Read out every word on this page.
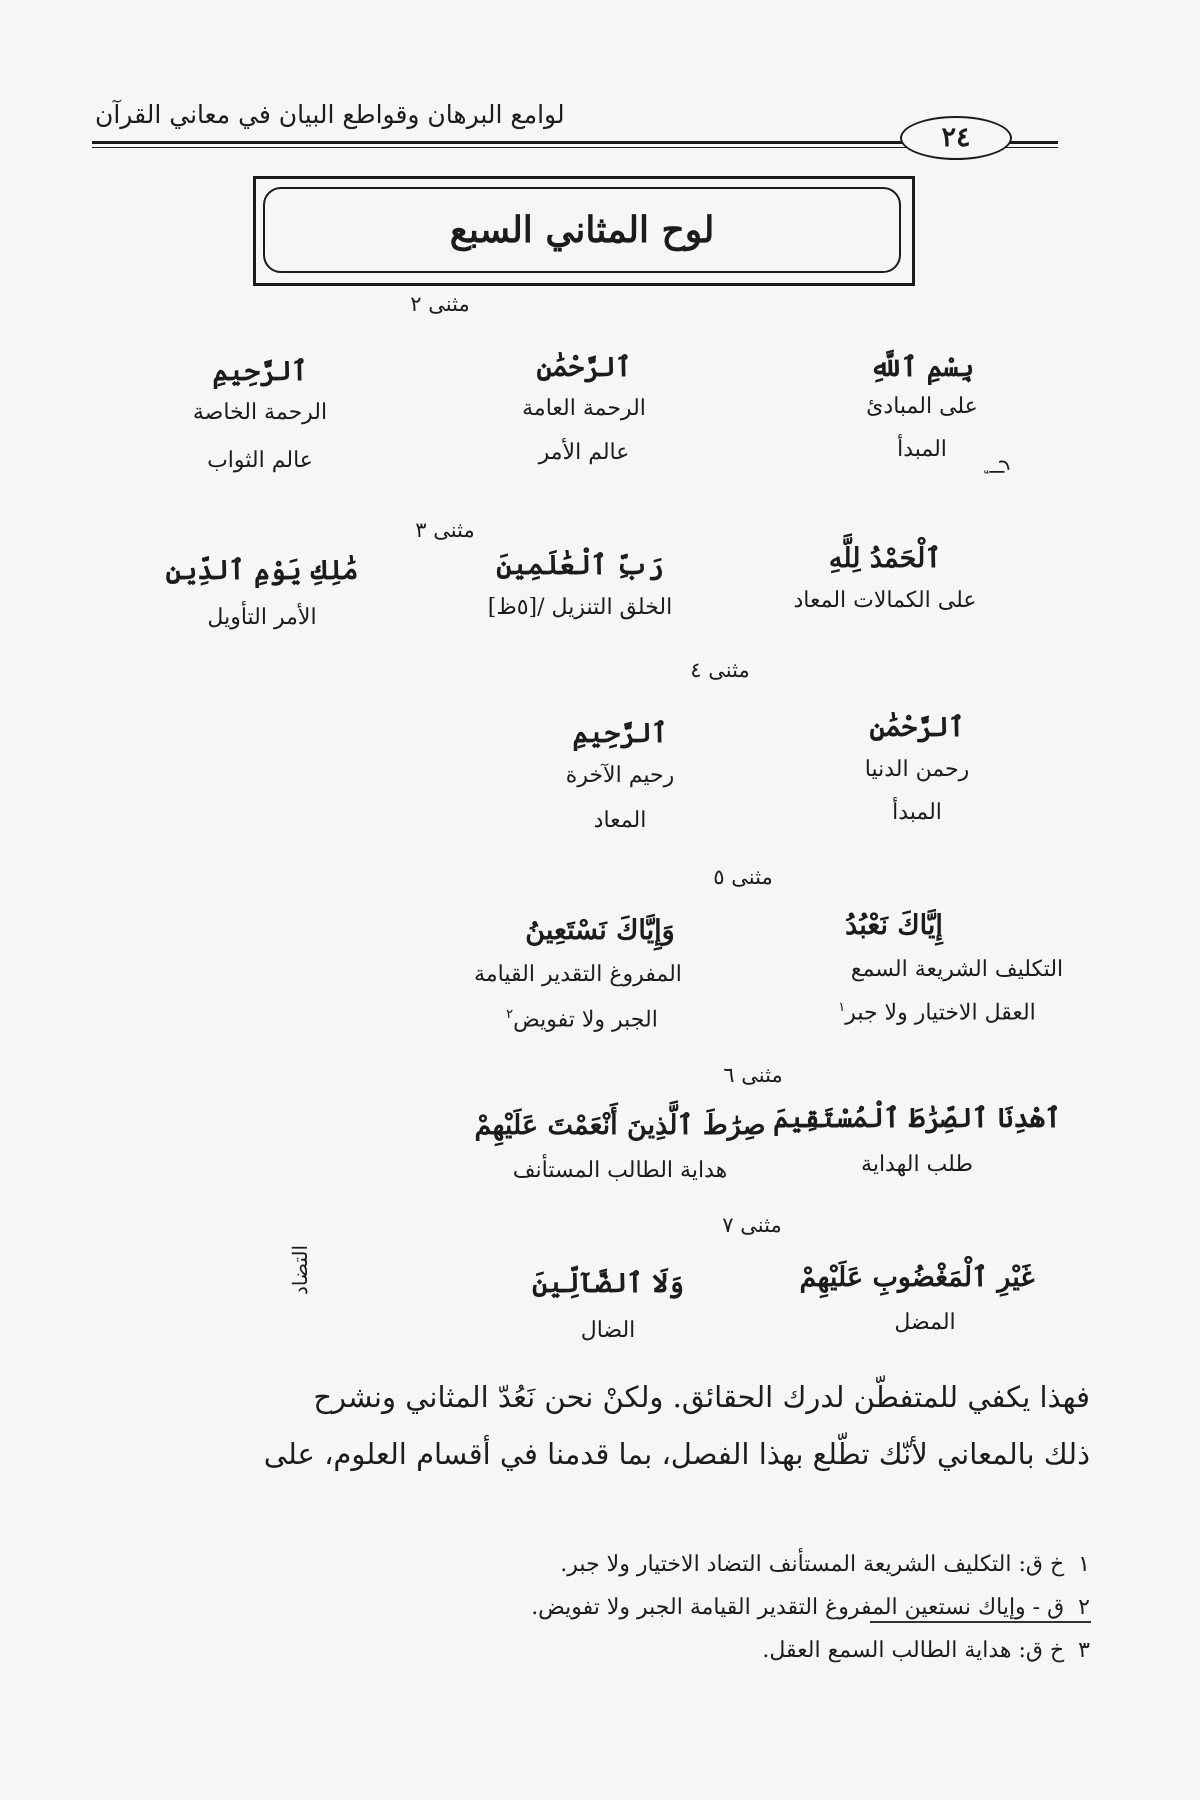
لوامع البرهان وقواطع البيان في معاني القرآن
٢٤
لوح المثاني السبع
مثنى ٢
مثنى ٣
مثنى ٤
مثنى ٥
مثنى ٦
مثنى ٧
رأ
التضاد
بِسْمِ ٱللَّهِ
على المبادئ
المبدأ
ٱلرَّحْمَٰنِ
الرحمة العامة
عالم الأمر
ٱلرَّحِيمِ
الرحمة الخاصة
عالم الثواب
ٱلْحَمْدُ لِلَّهِ
على الكمالات المعاد
رَبِّ ٱلْعَٰلَمِينَ
الخلق التنزيل /[٥ظ]
مَٰلِكِ يَوْمِ ٱلدِّينِ
الأمر التأويل
ٱلرَّحْمَٰنِ
رحمن الدنيا
المبدأ
ٱلرَّحِيمِ
رحيم الآخرة
المعاد
إِيَّاكَ نَعْبُدُ
التكليف الشريعة السمع
العقل الاختيار ولا جبر$^١$
وَإِيَّاكَ نَسْتَعِينُ
المفروغ التقدير القيامة
الجبر ولا تفويض$^٢$
ٱهْدِنَا ٱلصِّرَٰطَ ٱلْمُسْتَقِيمَ
طلب الهداية
صِرَٰطَ ٱلَّذِينَ أَنْعَمْتَ عَلَيْهِمْ
هداية الطالب المستأنف
غَيْرِ ٱلْمَغْضُوبِ عَلَيْهِمْ
المضل
وَلَا ٱلضَّآلِّينَ
الضال
فهذا يكفي للمتفطّن لدرك الحقائق. ولكنْ نحن نَعُدّ المثاني ونشرح
ذلك بالمعاني لأنّك تطّلع بهذا الفصل، بما قدمنا في أقسام العلوم، على
١  خ ق: التكليف الشريعة المستأنف التضاد الاختيار ولا جبر.
٢  ق - وإياك نستعين المفروغ التقدير القيامة الجبر ولا تفويض.
٣  خ ق: هداية الطالب السمع العقل.
